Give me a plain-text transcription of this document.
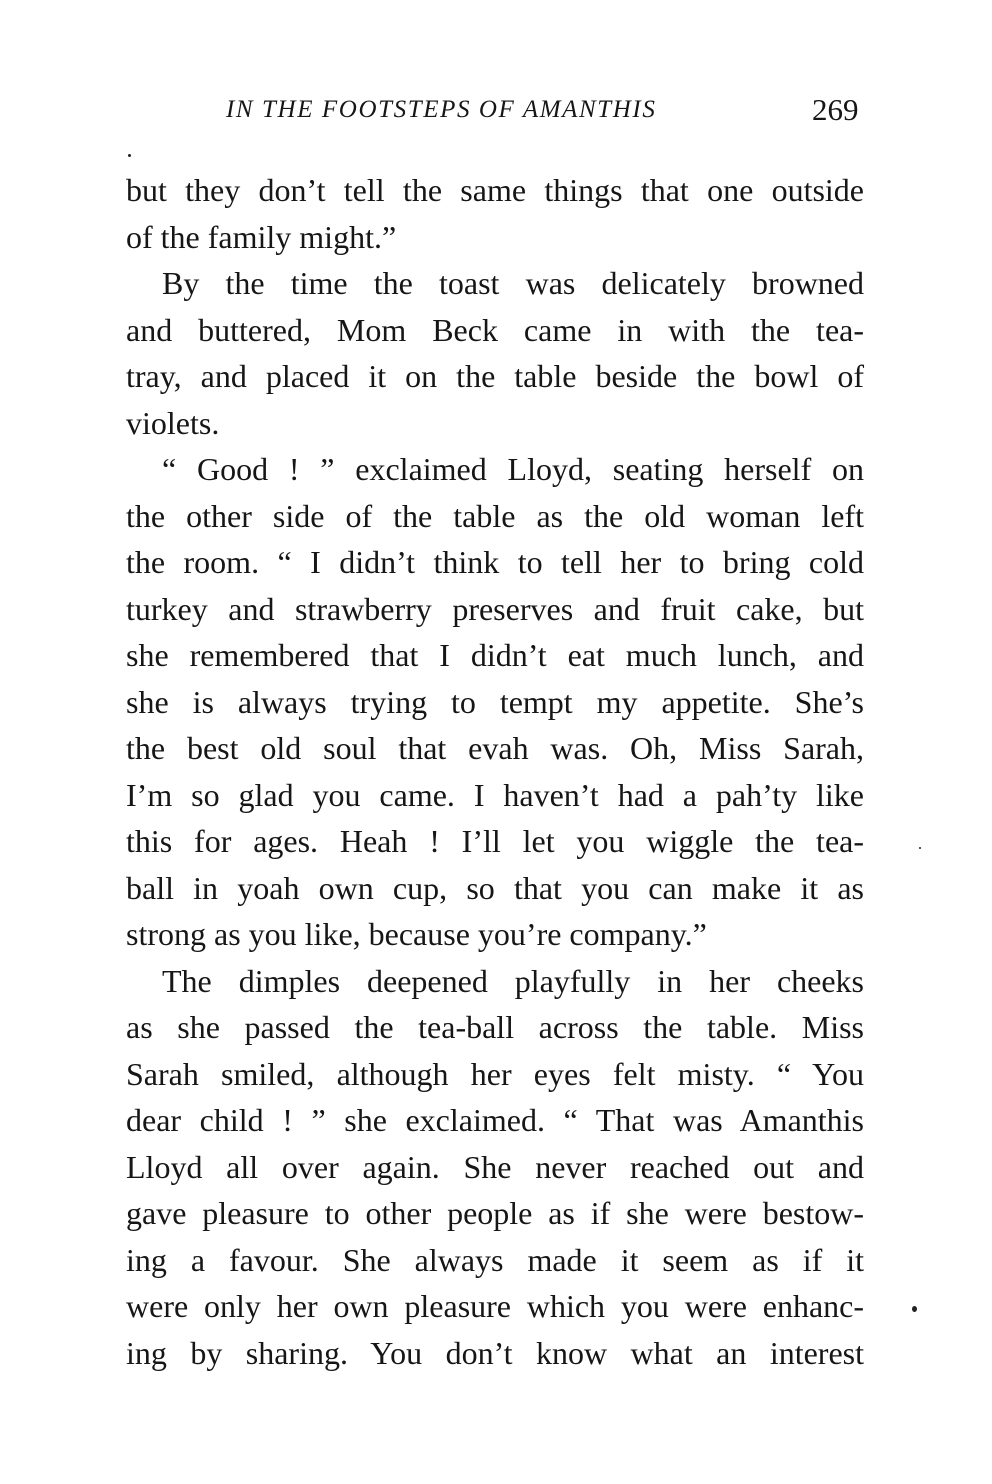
IN THE FOOTSTEPS OF AMANTHIS	269
but they don’t tell the same things that one outside
of the family might.”
By the time the toast was delicately browned
and buttered, Mom Beck came in with the tea-
tray, and placed it on the table beside the bowl of
violets.
“ Good ! ” exclaimed Lloyd, seating herself on
the other side of the table as the old woman left
the room. “ I didn’t think to tell her to bring cold
turkey and strawberry preserves and fruit cake, but
she remembered that I didn’t eat much lunch, and
she is always trying to tempt my appetite. She’s
the best old soul that evah was. Oh, Miss Sarah,
I’m so glad you came. I haven’t had a pah’ty like
this for ages. Heah ! I’ll let you wiggle the tea-
ball in yoah own cup, so that you can make it as
strong as you like, because you’re company.”
The dimples deepened playfully in her cheeks
as she passed the tea-ball across the table. Miss
Sarah smiled, although her eyes felt misty. “ You
dear child ! ” she exclaimed. “ That was Amanthis
Lloyd all over again. She never reached out and
gave pleasure to other people as if she were bestow-
ing a favour. She always made it seem as if it
were only her own pleasure which you were enhanc-
ing by sharing. You don’t know what an interest
